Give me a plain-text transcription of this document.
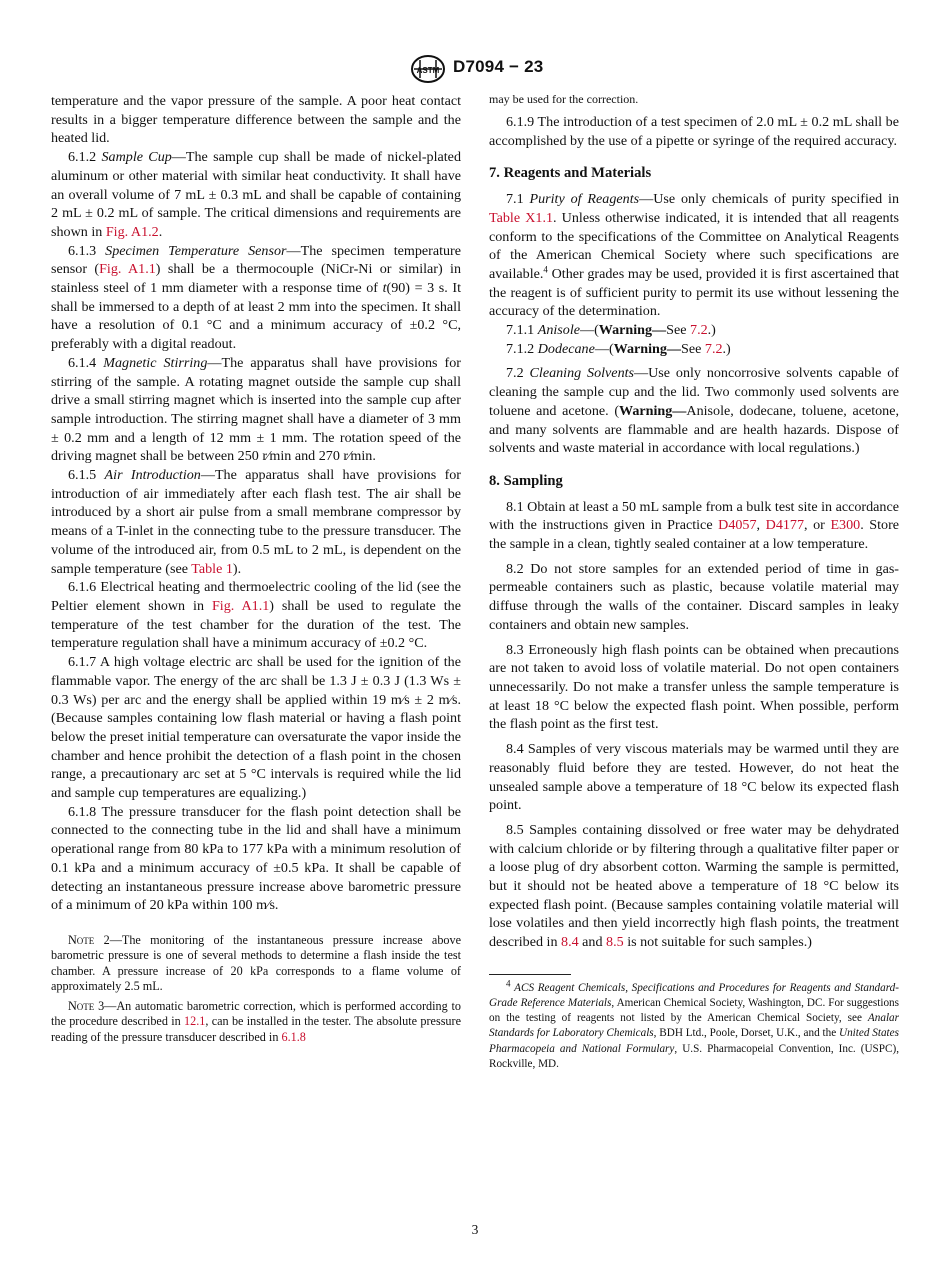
ASTM D7094 − 23

temperature and the vapor pressure of the sample. A poor heat contact results in a bigger temperature difference between the sample and the heated lid.

6.1.2 Sample Cup—The sample cup shall be made of nickel-plated aluminum or other material with similar heat conductivity. It shall have an overall volume of 7 mL ± 0.3 mL and shall be capable of containing 2 mL ± 0.2 mL of sample. The critical dimensions and requirements are shown in Fig. A1.2.

6.1.3 Specimen Temperature Sensor—The specimen temperature sensor (Fig. A1.1) shall be a thermocouple (NiCr-Ni or similar) in stainless steel of 1 mm diameter with a response time of t(90) = 3 s. It shall be immersed to a depth of at least 2 mm into the specimen. It shall have a resolution of 0.1 °C and a minimum accuracy of ±0.2 °C, preferably with a digital readout.

6.1.4 Magnetic Stirring—The apparatus shall have provisions for stirring of the sample. A rotating magnet outside the sample cup shall drive a small stirring magnet which is inserted into the sample cup after sample introduction. The stirring magnet shall have a diameter of 3 mm ± 0.2 mm and a length of 12 mm ± 1 mm. The rotation speed of the driving magnet shall be between 250 r⁄min and 270 r⁄min.

6.1.5 Air Introduction—The apparatus shall have provisions for introduction of air immediately after each flash test. The air shall be introduced by a short air pulse from a small membrane compressor by means of a T-inlet in the connecting tube to the pressure transducer. The volume of the introduced air, from 0.5 mL to 2 mL, is dependent on the sample temperature (see Table 1).

6.1.6 Electrical heating and thermoelectric cooling of the lid (see the Peltier element shown in Fig. A1.1) shall be used to regulate the temperature of the test chamber for the duration of the test. The temperature regulation shall have a minimum accuracy of ±0.2 °C.

6.1.7 A high voltage electric arc shall be used for the ignition of the flammable vapor. The energy of the arc shall be 1.3 J ± 0.3 J (1.3 Ws ± 0.3 Ws) per arc and the energy shall be applied within 19 m⁄s ± 2 m⁄s. (Because samples containing low flash material or having a flash point below the preset initial temperature can oversaturate the vapor inside the chamber and hence prohibit the detection of a flash point in the chosen range, a precautionary arc set at 5 °C intervals is required while the lid and sample cup temperatures are equalizing.)

6.1.8 The pressure transducer for the flash point detection shall be connected to the connecting tube in the lid and shall have a minimum operational range from 80 kPa to 177 kPa with a minimum resolution of 0.1 kPa and a minimum accuracy of ±0.5 kPa. It shall be capable of detecting an instantaneous pressure increase above barometric pressure of a minimum of 20 kPa within 100 m⁄s.

Note 2—The monitoring of the instantaneous pressure increase above barometric pressure is one of several methods to determine a flash inside the test chamber. A pressure increase of 20 kPa corresponds to a flame volume of approximately 2.5 mL.
Note 3—An automatic barometric correction, which is performed according to the procedure described in 12.1, can be installed in the tester. The absolute pressure reading of the pressure transducer described in 6.1.8

may be used for the correction.

6.1.9 The introduction of a test specimen of 2.0 mL ± 0.2 mL shall be accomplished by the use of a pipette or syringe of the required accuracy.

7. Reagents and Materials

7.1 Purity of Reagents—Use only chemicals of purity specified in Table X1.1. Unless otherwise indicated, it is intended that all reagents conform to the specifications of the Committee on Analytical Reagents of the American Chemical Society where such specifications are available.$^4$ Other grades may be used, provided it is first ascertained that the reagent is of sufficient purity to permit its use without lessening the accuracy of the determination.

7.1.1 Anisole—(Warning—See 7.2.)

7.1.2 Dodecane—(Warning—See 7.2.)

7.2 Cleaning Solvents—Use only noncorrosive solvents capable of cleaning the sample cup and the lid. Two commonly used solvents are toluene and acetone. (Warning—Anisole, dodecane, toluene, acetone, and many solvents are flammable and are health hazards. Dispose of solvents and waste material in accordance with local regulations.)

8. Sampling

8.1 Obtain at least a 50 mL sample from a bulk test site in accordance with the instructions given in Practice D4057, D4177, or E300. Store the sample in a clean, tightly sealed container at a low temperature.

8.2 Do not store samples for an extended period of time in gas-permeable containers such as plastic, because volatile material may diffuse through the walls of the container. Discard samples in leaky containers and obtain new samples.

8.3 Erroneously high flash points can be obtained when precautions are not taken to avoid loss of volatile material. Do not open containers unnecessarily. Do not make a transfer unless the sample temperature is at least 18 °C below the expected flash point. When possible, perform the flash point as the first test.

8.4 Samples of very viscous materials may be warmed until they are reasonably fluid before they are tested. However, do not heat the unsealed sample above a temperature of 18 °C below its expected flash point.

8.5 Samples containing dissolved or free water may be dehydrated with calcium chloride or by filtering through a qualitative filter paper or a loose plug of dry absorbent cotton. Warming the sample is permitted, but it should not be heated above a temperature of 18 °C below its expected flash point. (Because samples containing volatile material will lose volatiles and then yield incorrectly high flash points, the treatment described in 8.4 and 8.5 is not suitable for such samples.)

$^4$ ACS Reagent Chemicals, Specifications and Procedures for Reagents and Standard-Grade Reference Materials, American Chemical Society, Washington, DC. For suggestions on the testing of reagents not listed by the American Chemical Society, see Analar Standards for Laboratory Chemicals, BDH Ltd., Poole, Dorset, U.K., and the United States Pharmacopeia and National Formulary, U.S. Pharmacopeial Convention, Inc. (USPC), Rockville, MD.
3
